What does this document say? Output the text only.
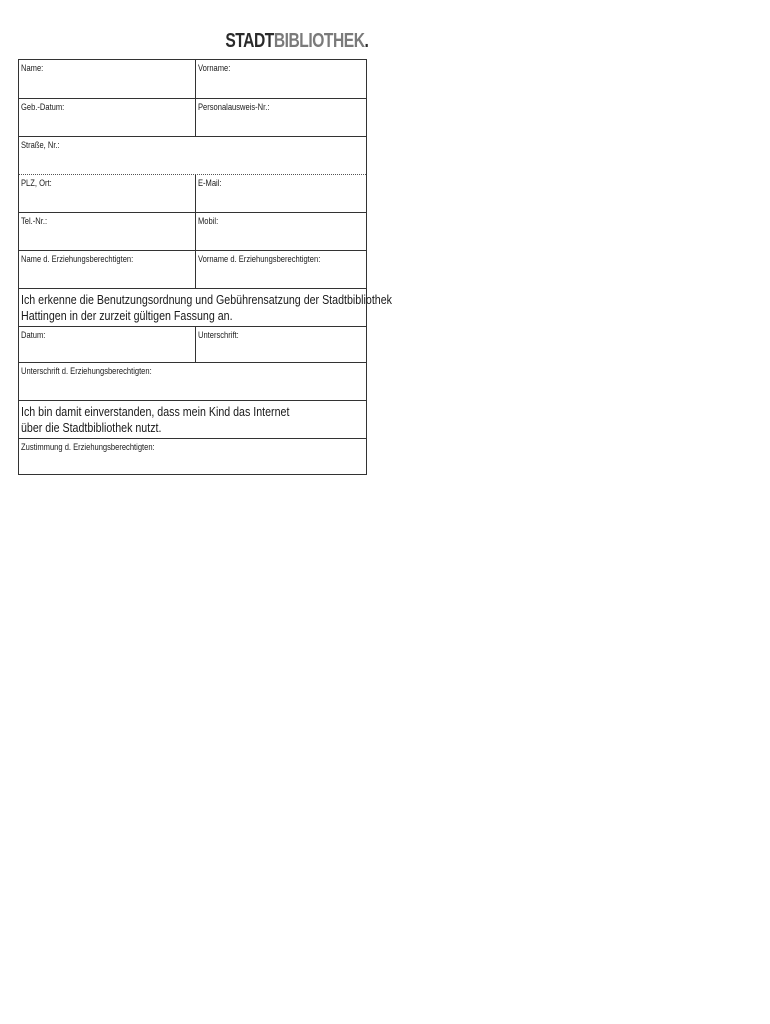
STADTBIBLIOTHEK.
Name:	Vorname:
Geb.-Datum:	Personalausweis-Nr.:
Straße, Nr.:
PLZ, Ort:	E-Mail:
Tel.-Nr.:	Mobil:
Name d. Erziehungsberechtigten:	Vorname d. Erziehungsberechtigten:
Ich erkenne die Benutzungsordnung und Gebührensatzung der Stadtbibliothek
Hattingen in der zurzeit gültigen Fassung an.
Datum:	Unterschrift:
Unterschrift d. Erziehungsberechtigten:
Ich bin damit einverstanden, dass mein Kind das Internet
über die Stadtbibliothek nutzt.
Zustimmung d. Erziehungsberechtigten:
